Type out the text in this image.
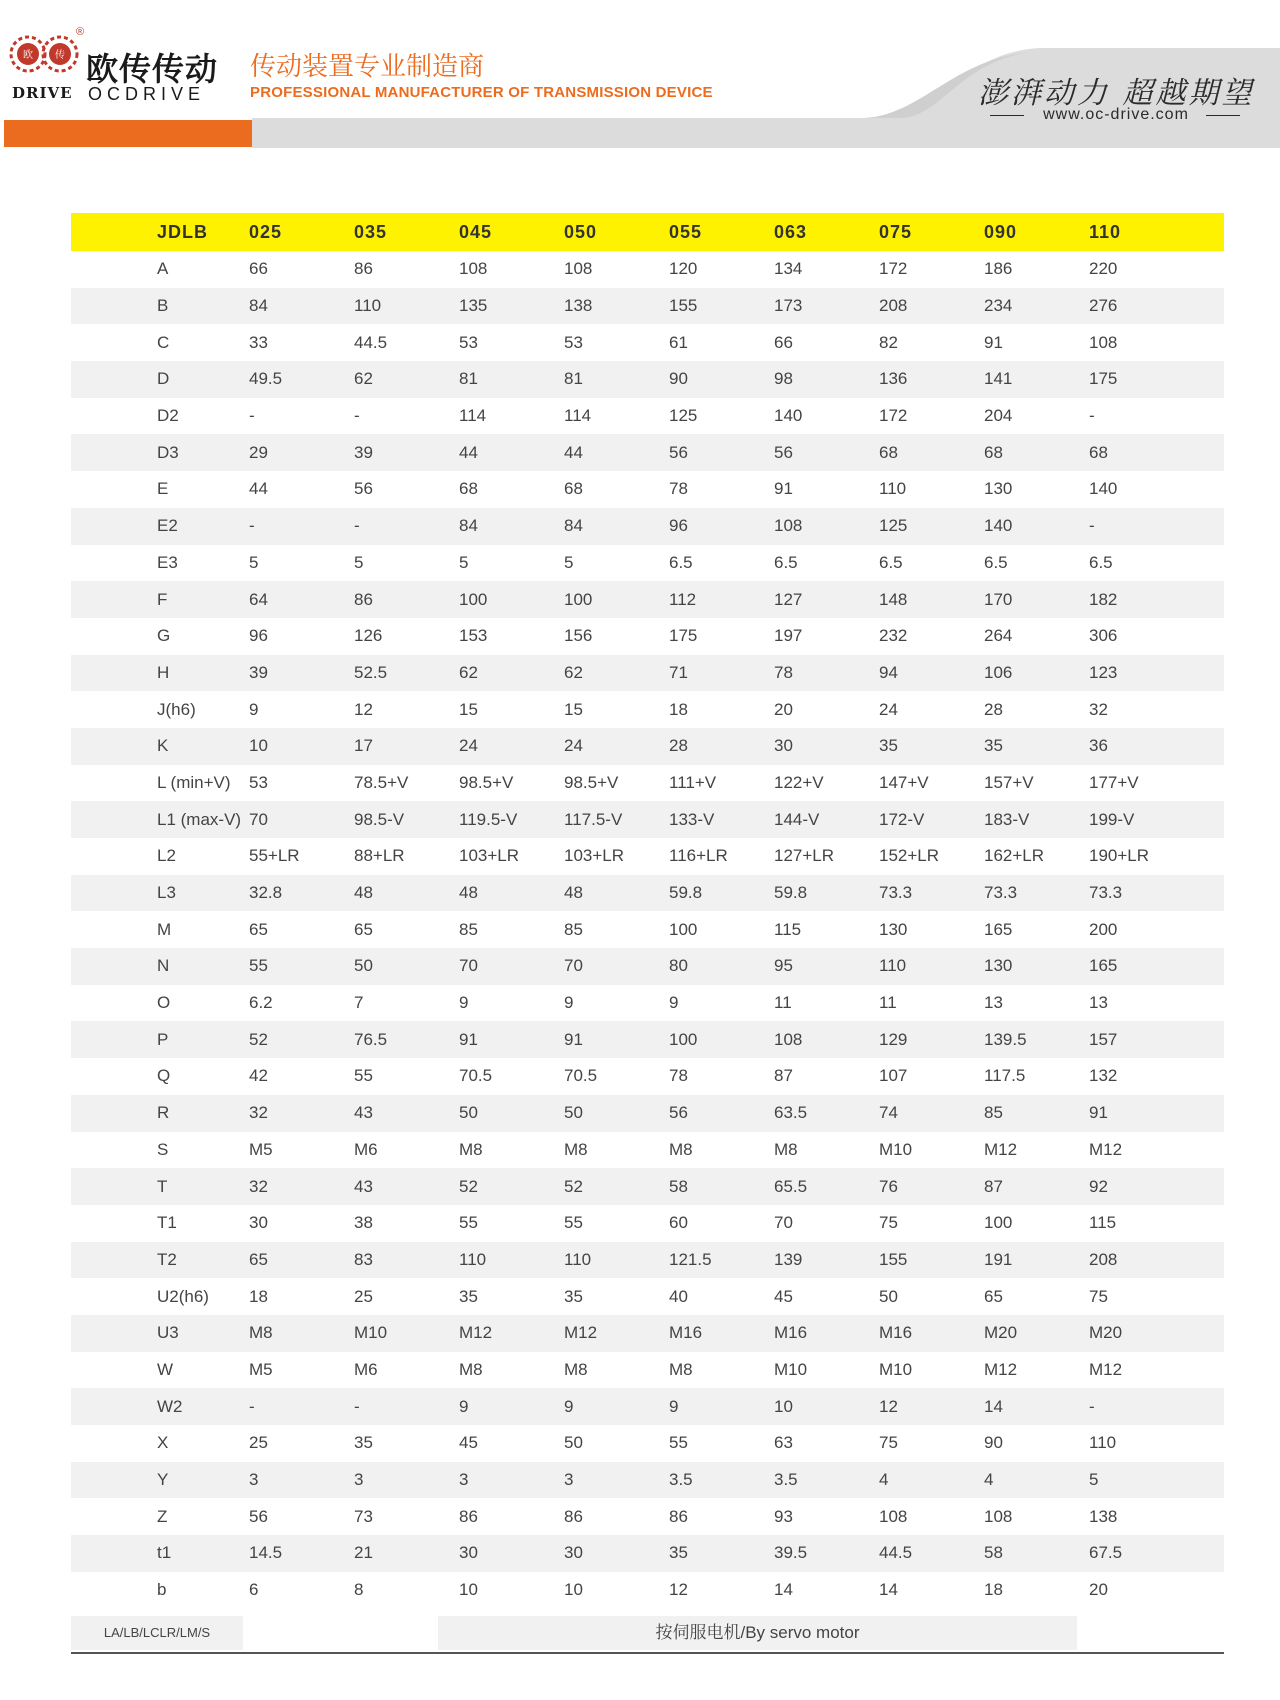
欧 传
®
欧传传动
DRIVE OCDRIVE
传动装置专业制造商
PROFESSIONAL MANUFACTURER OF TRANSMISSION DEVICE	澎湃动力 超越期望
www.oc-drive.com
JDLB	025	035	045	050	055	063	075	090	110
A	66	86	108	108	120	134	172	186	220
B	84	110	135	138	155	173	208	234	276
C	33	44.5	53	53	61	66	82	91	108
D	49.5	62	81	81	90	98	136	141	175
D2	-	-	114	114	125	140	172	204	-
D3	29	39	44	44	56	56	68	68	68
E	44	56	68	68	78	91	110	130	140
E2	-	-	84	84	96	108	125	140	-
E3	5	5	5	5	6.5	6.5	6.5	6.5	6.5
F	64	86	100	100	112	127	148	170	182
G	96	126	153	156	175	197	232	264	306
H	39	52.5	62	62	71	78	94	106	123
J(h6)	9	12	15	15	18	20	24	28	32
K	10	17	24	24	28	30	35	35	36
L (min+V)	53	78.5+V	98.5+V	98.5+V	111+V	122+V	147+V	157+V	177+V
L1 (max-V)	70	98.5-V	119.5-V	117.5-V	133-V	144-V	172-V	183-V	199-V
L2	55+LR	88+LR	103+LR	103+LR	116+LR	127+LR	152+LR	162+LR	190+LR
L3	32.8	48	48	48	59.8	59.8	73.3	73.3	73.3
M	65	65	85	85	100	115	130	165	200
N	55	50	70	70	80	95	110	130	165
O	6.2	7	9	9	9	11	11	13	13
P	52	76.5	91	91	100	108	129	139.5	157
Q	42	55	70.5	70.5	78	87	107	117.5	132
R	32	43	50	50	56	63.5	74	85	91
S	M5	M6	M8	M8	M8	M8	M10	M12	M12
T	32	43	52	52	58	65.5	76	87	92
T1	30	38	55	55	60	70	75	100	115
T2	65	83	110	110	121.5	139	155	191	208
U2(h6)	18	25	35	35	40	45	50	65	75
U3	M8	M10	M12	M12	M16	M16	M16	M20	M20
W	M5	M6	M8	M8	M8	M10	M10	M12	M12
W2	-	-	9	9	9	10	12	14	-
X	25	35	45	50	55	63	75	90	110
Y	3	3	3	3	3.5	3.5	4	4	5
Z	56	73	86	86	86	93	108	108	138
t1	14.5	21	30	30	35	39.5	44.5	58	67.5
b	6	8	10	10	12	14	14	18	20
LA/LB/LCLR/LM/S	按伺服电机/By servo motor
